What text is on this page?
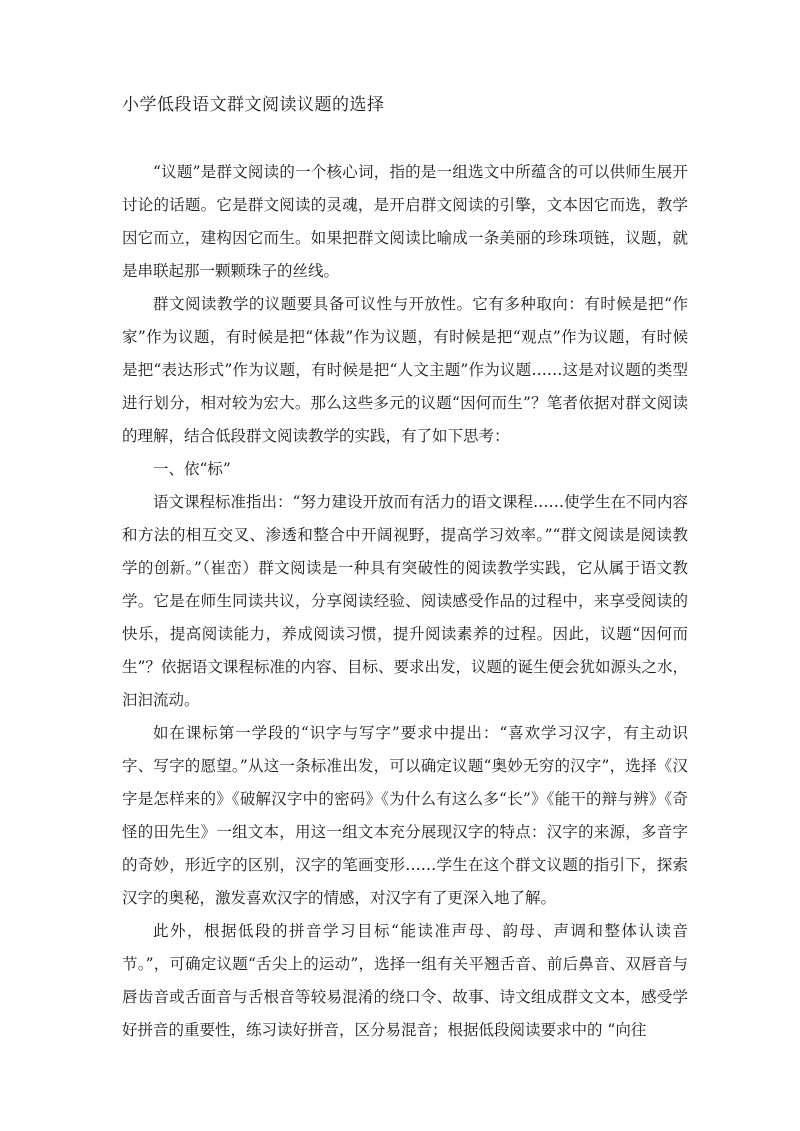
小学低段语文群文阅读议题的选择

“议题”是群文阅读的一个核心词，指的是一组选文中所蕴含的可以供师生展开讨论的话题。它是群文阅读的灵魂，是开启群文阅读的引擎，文本因它而选，教学因它而立，建构因它而生。如果把群文阅读比喻成一条美丽的珍珠项链，议题，就是串联起那一颗颗珠子的丝线。

群文阅读教学的议题要具备可议性与开放性。它有多种取向：有时候是把“作家”作为议题，有时候是把“体裁”作为议题，有时候是把“观点”作为议题，有时候是把“表达形式”作为议题，有时候是把“人文主题”作为议题……这是对议题的类型进行划分，相对较为宏大。那么这些多元的议题“因何而生”？笔者依据对群文阅读的理解，结合低段群文阅读教学的实践，有了如下思考：

一、依“标”

语文课程标准指出：“努力建设开放而有活力的语文课程……使学生在不同内容和方法的相互交叉、渗透和整合中开阔视野，提高学习效率。”“群文阅读是阅读教学的创新。”（崔峦）群文阅读是一种具有突破性的阅读教学实践，它从属于语文教学。它是在师生同读共议，分享阅读经验、阅读感受作品的过程中，来享受阅读的快乐，提高阅读能力，养成阅读习惯，提升阅读素养的过程。因此，议题“因何而生”？依据语文课程标准的内容、目标、要求出发，议题的诞生便会犹如源头之水，汩汩流动。

如在课标第一学段的“识字与写字”要求中提出：“喜欢学习汉字，有主动识字、写字的愿望。”从这一条标准出发，可以确定议题“奥妙无穷的汉字”，选择《汉字是怎样来的》《破解汉字中的密码》《为什么有这么多“长”》《能干的辩与辨》《奇怪的田先生》一组文本，用这一组文本充分展现汉字的特点：汉字的来源，多音字的奇妙，形近字的区别，汉字的笔画变形……学生在这个群文议题的指引下，探索汉字的奥秘，激发喜欢汉字的情感，对汉字有了更深入地了解。

此外，根据低段的拼音学习目标“能读准声母、韵母、声调和整体认读音节。”，可确定议题“舌尖上的运动”，选择一组有关平翘舌音、前后鼻音、双唇音与唇齿音或舌面音与舌根音等较易混淆的绕口令、故事、诗文组成群文文本，感受学好拼音的重要性，练习读好拼音，区分易混音；根据低段阅读要求中的 “向往
